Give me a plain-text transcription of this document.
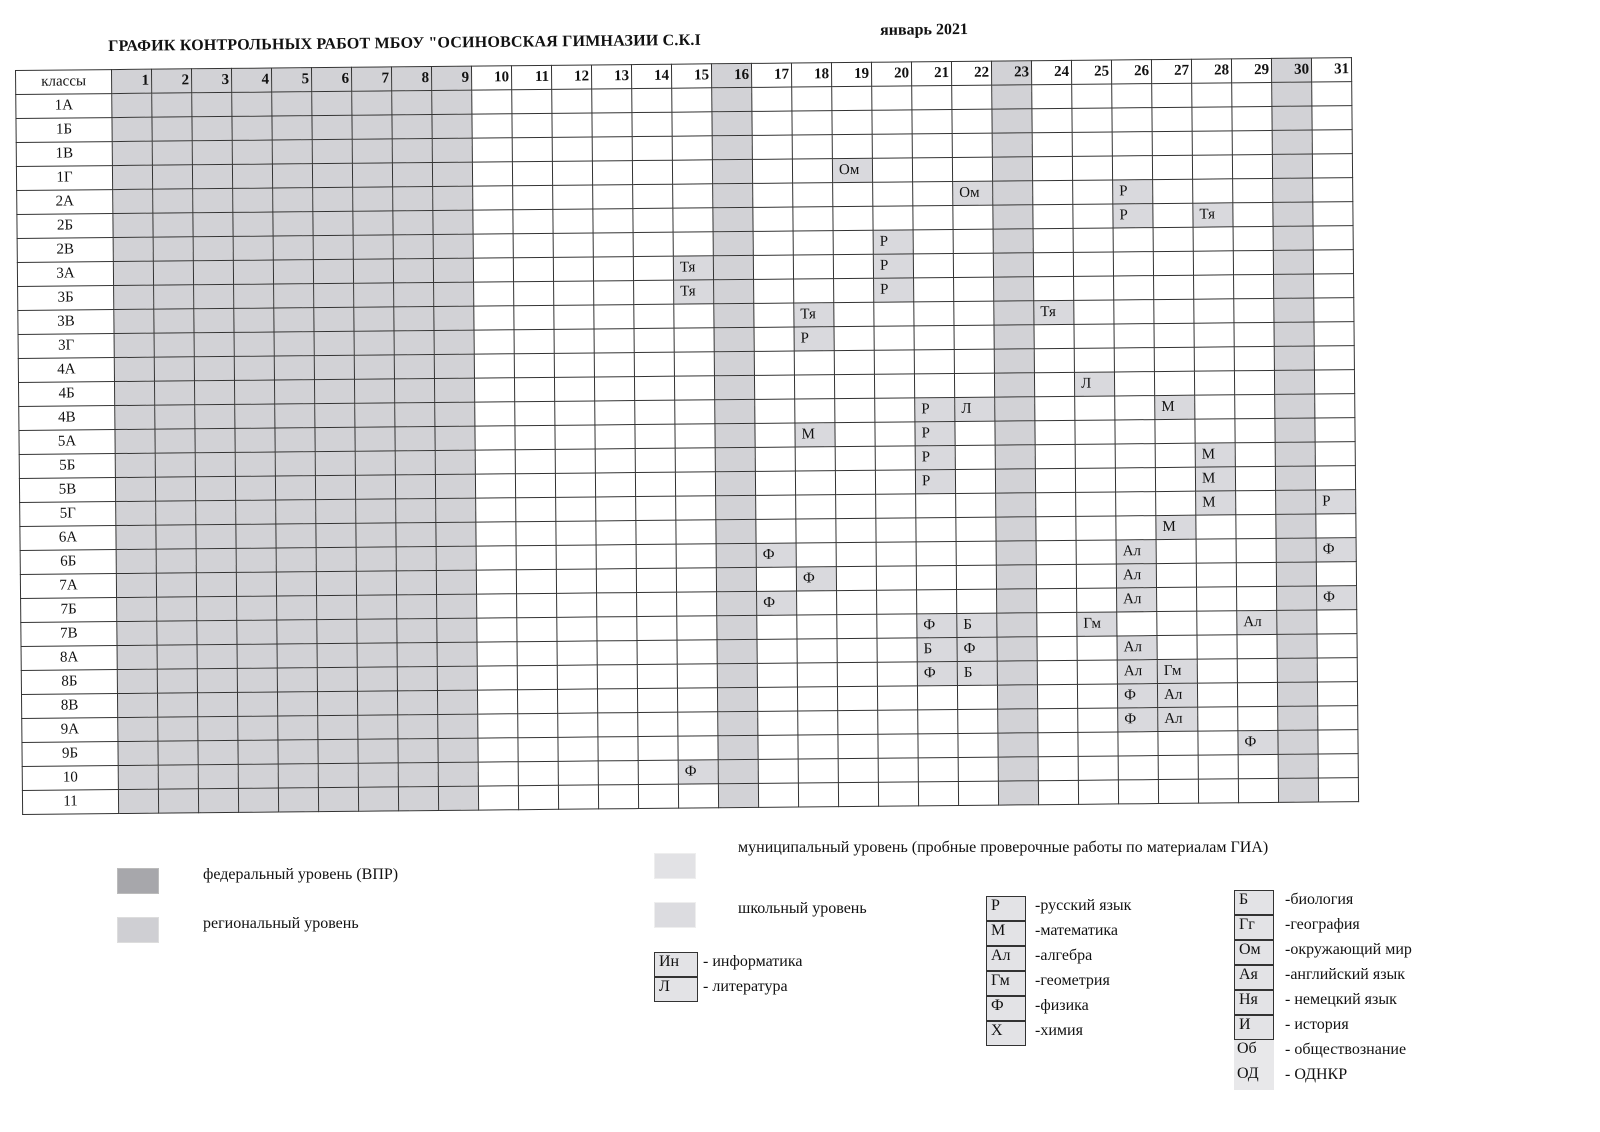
ГРАФИК КОНТРОЛЬНЫХ РАБОТ МБОУ "ОСИНОВСКАЯ ГИМНАЗИИ С.К.I
январь 2021
классы	1	2	3	4	5	6	7	8	9	10	11	12	13	14	15	16	17	18	19	20	21	22	23	24	25	26	27	28	29	30	31
1А																															
1Б																															
1В																															
1Г																			Ом												
2А																						Ом				Р					
2Б																										Р		Тя			
2В																				Р											
3А															Тя					Р											
3Б															Тя					Р											
3В																		Тя						Тя							
3Г																		Р													
4А																															
4Б																									Л						
4В																					Р	Л					М				
5А																		М			Р										
5Б																					Р							М			
5В																					Р							М			
5Г																												М			Р
6А																											М				
6Б																	Ф									Ал					Ф
7А																		Ф								Ал					
7Б																	Ф									Ал					Ф
7В																					Ф	Б			Гм				Ал		
8А																					Б	Ф				Ал					
8Б																					Ф	Б				Ал	Гм				
8В																										Ф	Ал				
9А																										Ф	Ал				
9Б																													Ф		
10															Ф																
11																															
федеральный уровень (ВПР)
региональный уровень
муниципальный уровень (пробные проверочные работы по материалам ГИА)
школьный уровень
Ин	- информатика
Л	- литература
Р	-русский язык
М	-математика
Ал	-алгебра
Гм	-геометрия
Ф	-физика
Х	-химия
Б	-биология
Гг	-география
Ом	-окружающий мир
Ая	-английский язык
Ня	- немецкий язык
И	- история
Об	- обществознание
ОД	- ОДНКР
